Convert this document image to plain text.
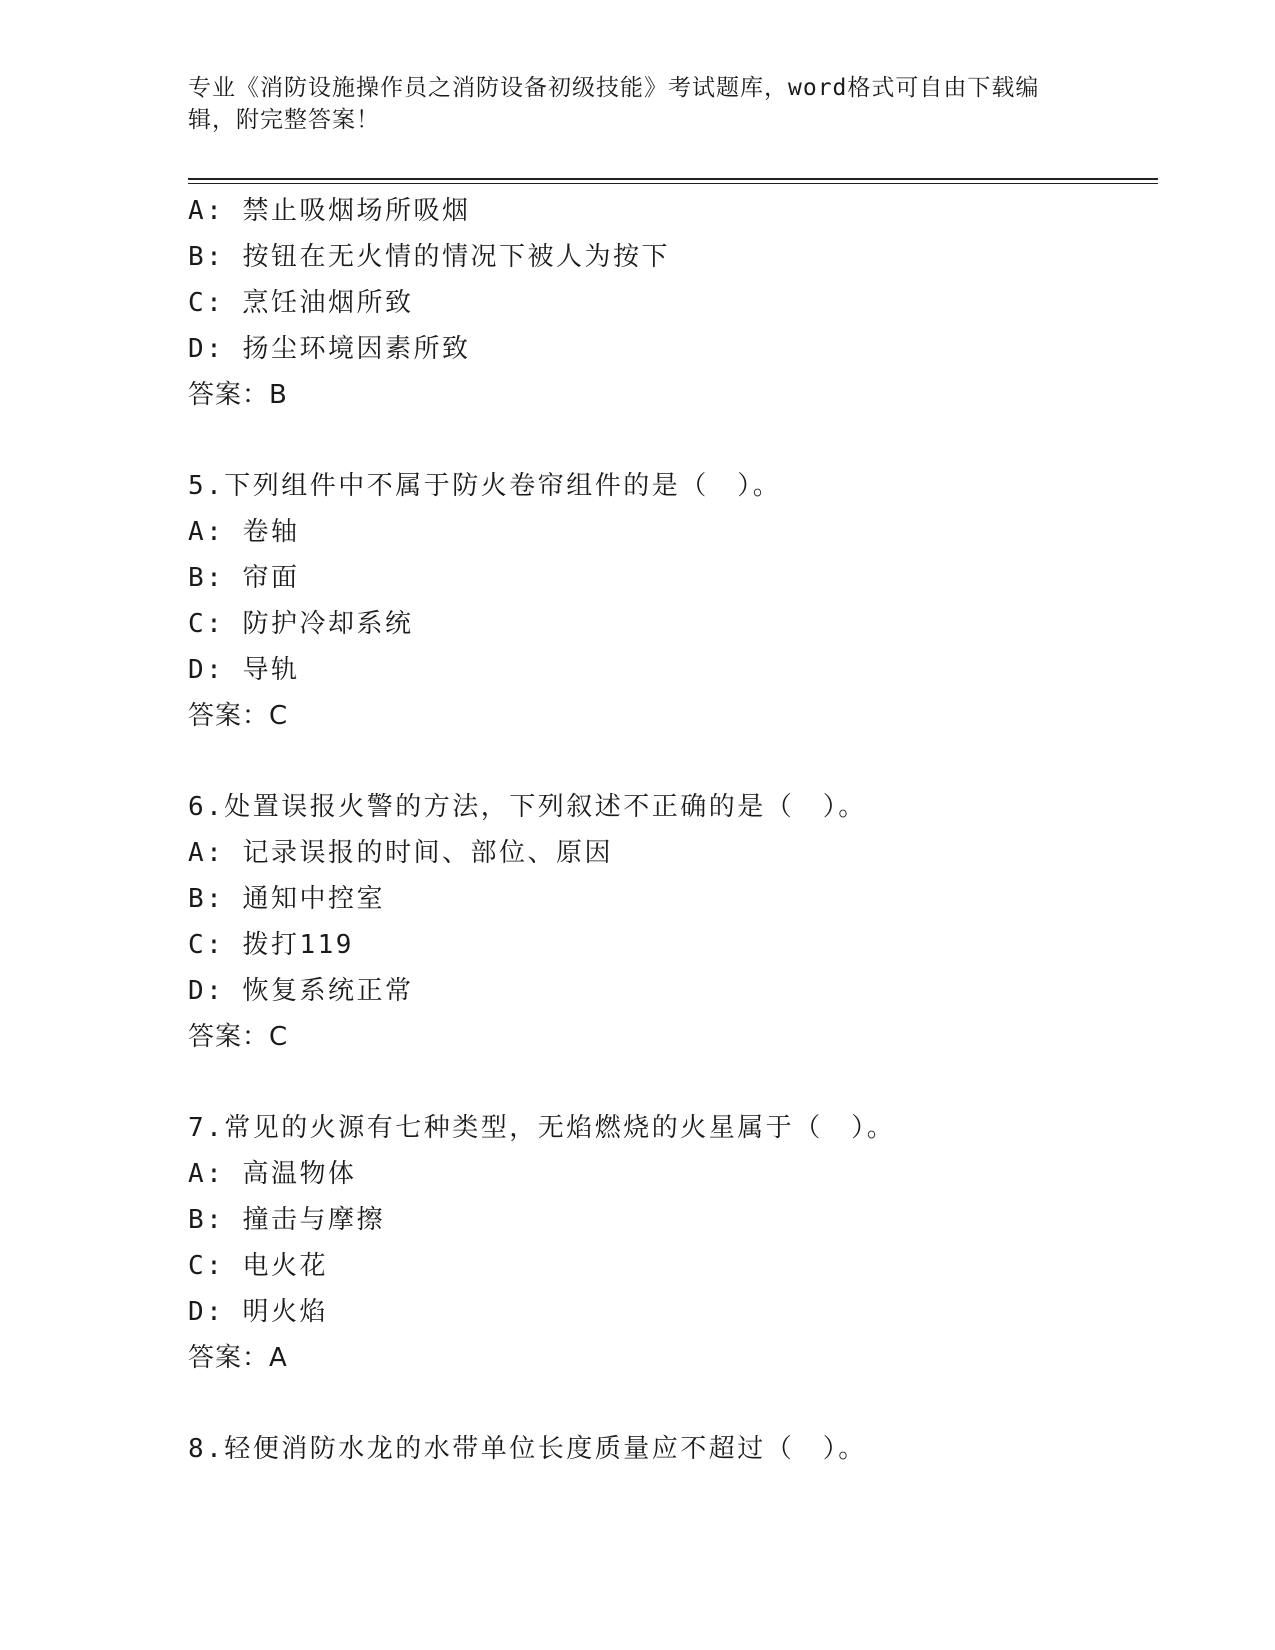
专业《消防设施操作员之消防设备初级技能》考试题库，word格式可自由下载编辑，附完整答案！
A: 禁止吸烟场所吸烟
B: 按钮在无火情的情况下被人为按下
C: 烹饪油烟所致
D: 扬尘环境因素所致
答案：B
5.下列组件中不属于防火卷帘组件的是（　）。
A: 卷轴
B: 帘面
C: 防护冷却系统
D: 导轨
答案：C
6.处置误报火警的方法，下列叙述不正确的是（　）。
A: 记录误报的时间、部位、原因
B: 通知中控室
C: 拨打119
D: 恢复系统正常
答案：C
7.常见的火源有七种类型，无焰燃烧的火星属于（　）。
A: 高温物体
B: 撞击与摩擦
C: 电火花
D: 明火焰
答案：A
8.轻便消防水龙的水带单位长度质量应不超过（　）。
